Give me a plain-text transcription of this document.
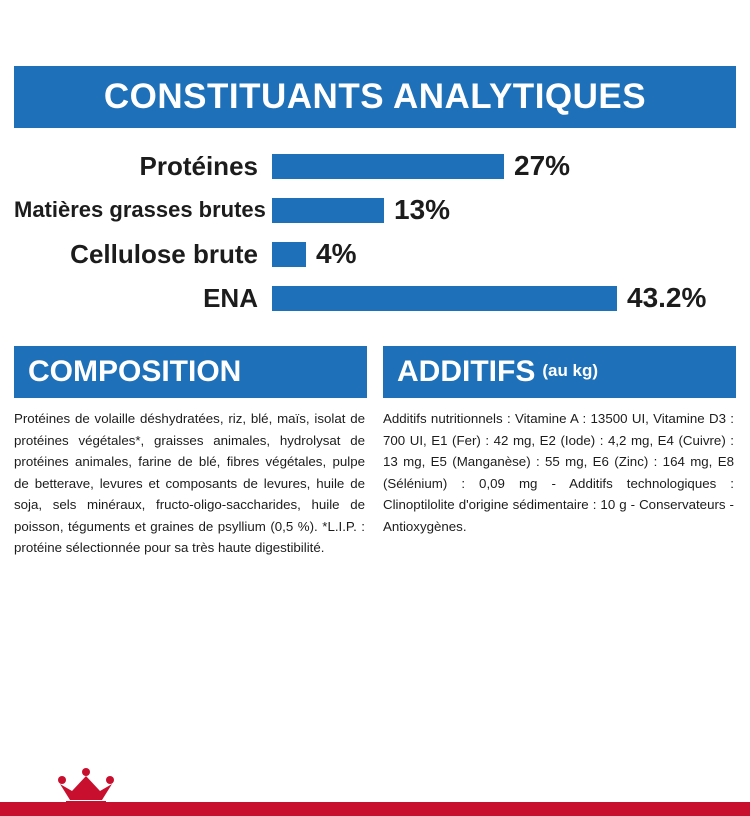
CONSTITUANTS ANALYTIQUES
Protéines	27%
Matières grasses brutes	13%
Cellulose brute	4%
ENA	43.2%
COMPOSITION

Protéines de volaille déshydratées, riz, blé, maïs, isolat de protéines végétales*, graisses animales, hydrolysat de protéines animales, farine de blé, fibres végétales, pulpe de betterave, levures et composants de levures, huile de soja, sels minéraux, fructo-oligo-saccharides, huile de poisson, téguments et graines de psyllium (0,5 %). *L.I.P. : protéine sélectionnée pour sa très haute digestibilité.

ADDITIFS (au kg)

Additifs nutritionnels : Vitamine A : 13500 UI, Vitamine D3 : 700 UI, E1 (Fer) : 42 mg, E2 (Iode) : 4,2 mg, E4 (Cuivre) : 13 mg, E5 (Manganèse) : 55 mg, E6 (Zinc) : 164 mg, E8 (Sélénium) : 0,09 mg - Additifs technologiques : Clinoptilolite d'origine sédimentaire : 10 g - Conservateurs - Antioxygènes.
